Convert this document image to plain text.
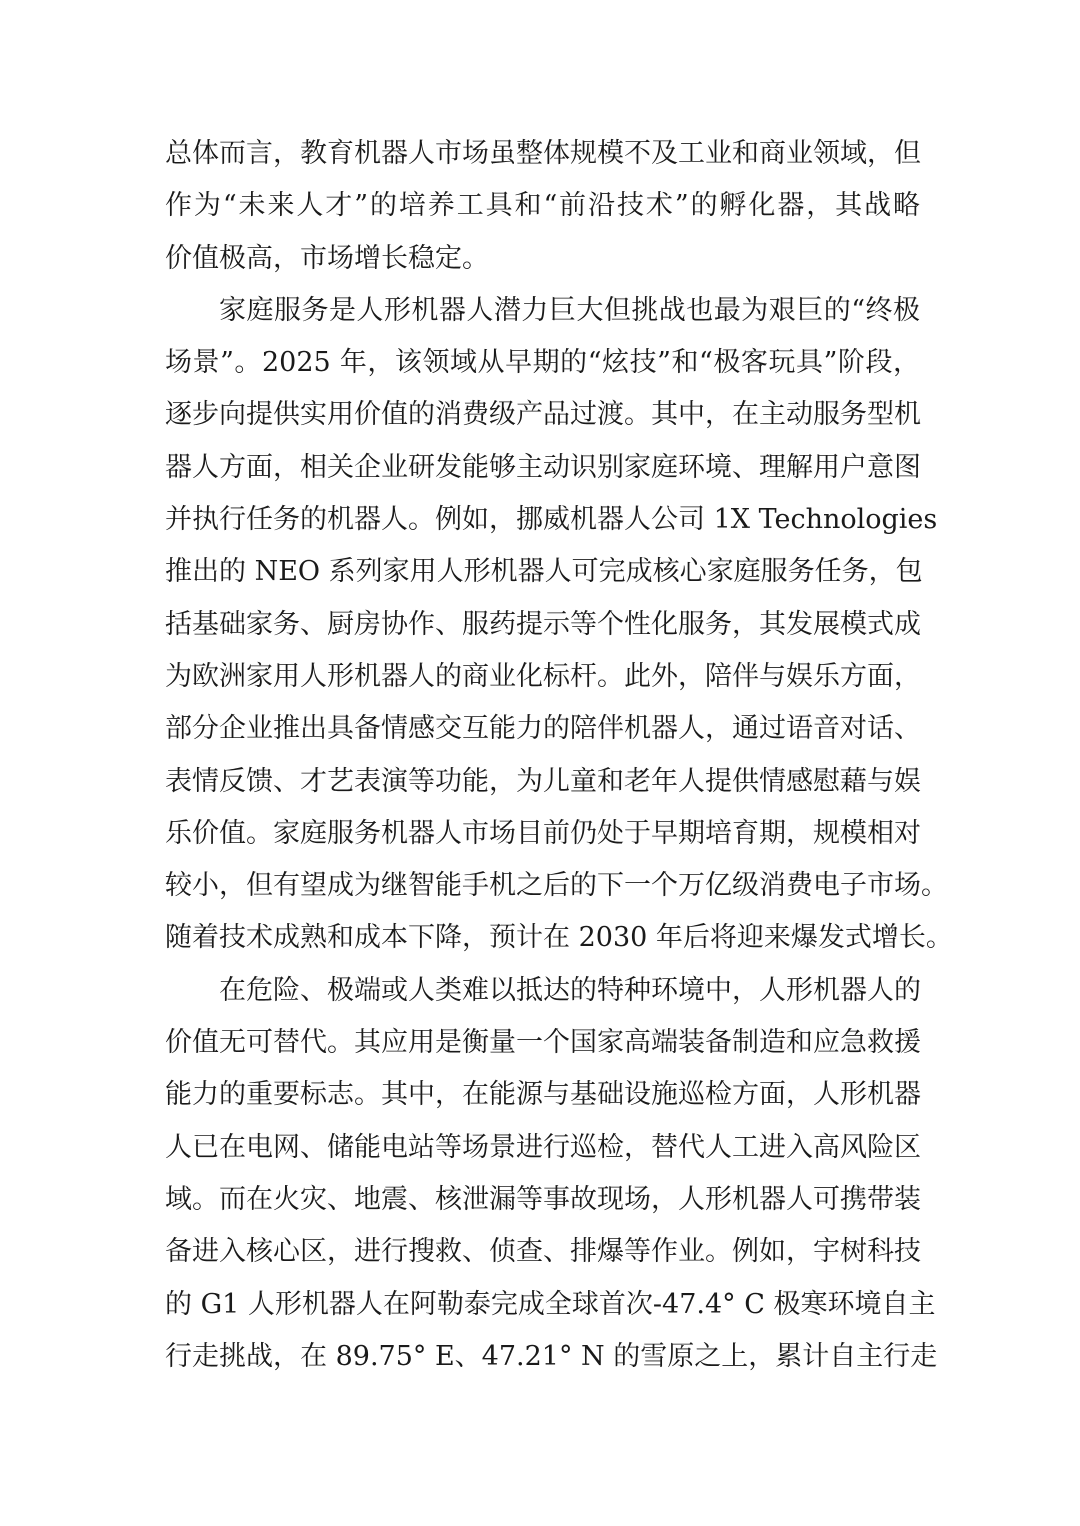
总体而言，教育机器人市场虽整体规模不及工业和商业领域，但
作为“未来人才”的培养工具和“前沿技术”的孵化器，其战略
价值极高，市场增长稳定。
家庭服务是人形机器人潜力巨大但挑战也最为艰巨的“终极
场景”。2025 年，该领域从早期的“炫技”和“极客玩具”阶段，
逐步向提供实用价值的消费级产品过渡。其中，在主动服务型机
器人方面，相关企业研发能够主动识别家庭环境、理解用户意图
并执行任务的机器人。例如，挪威机器人公司 1X Technologies
推出的 NEO 系列家用人形机器人可完成核心家庭服务任务，包
括基础家务、厨房协作、服药提示等个性化服务，其发展模式成
为欧洲家用人形机器人的商业化标杆。此外，陪伴与娱乐方面，
部分企业推出具备情感交互能力的陪伴机器人，通过语音对话、
表情反馈、才艺表演等功能，为儿童和老年人提供情感慰藉与娱
乐价值。家庭服务机器人市场目前仍处于早期培育期，规模相对
较小，但有望成为继智能手机之后的下一个万亿级消费电子市场。
随着技术成熟和成本下降，预计在 2030 年后将迎来爆发式增长。
在危险、极端或人类难以抵达的特种环境中，人形机器人的
价值无可替代。其应用是衡量一个国家高端装备制造和应急救援
能力的重要标志。其中，在能源与基础设施巡检方面，人形机器
人已在电网、储能电站等场景进行巡检，替代人工进入高风险区
域。而在火灾、地震、核泄漏等事故现场，人形机器人可携带装
备进入核心区，进行搜救、侦查、排爆等作业。例如，宇树科技
的 G1 人形机器人在阿勒泰完成全球首次-47.4° C 极寒环境自主
行走挑战，在 89.75° E、47.21° N 的雪原之上，累计自主行走
